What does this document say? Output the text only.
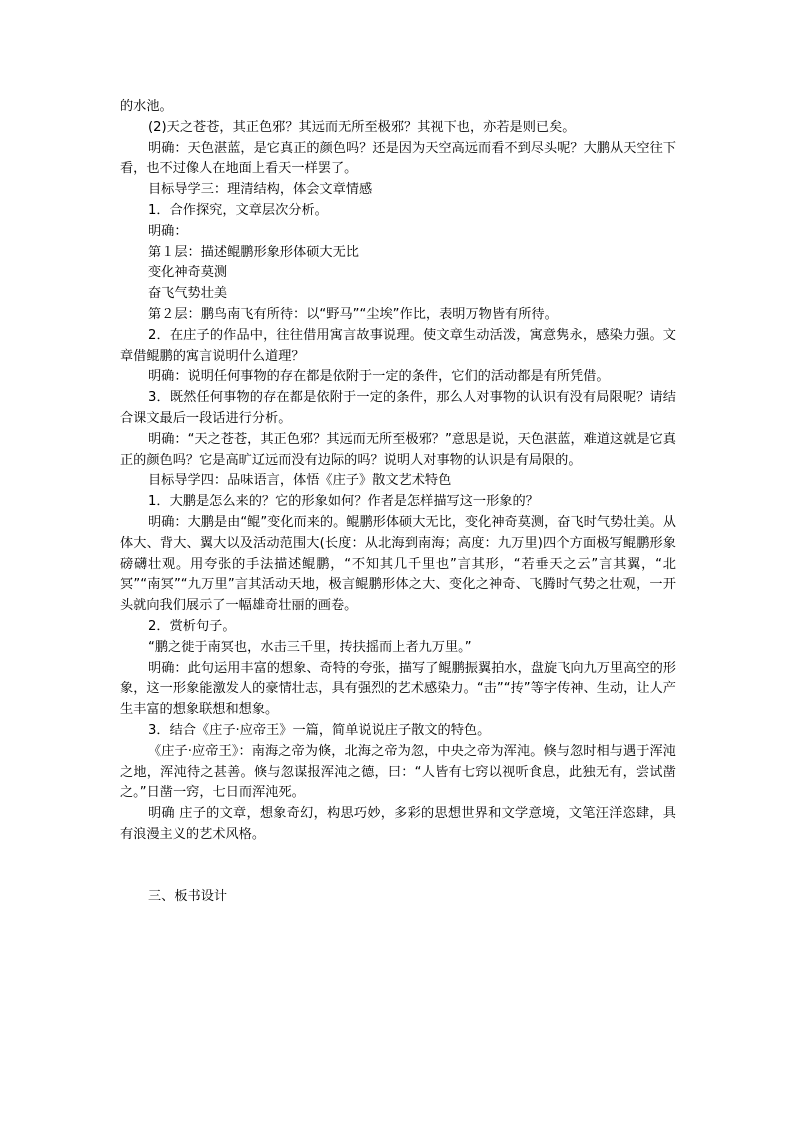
的水池。
(2)天之苍苍，其正色邪？其远而无所至极邪？其视下也，亦若是则已矣。
明确：天色湛蓝，是它真正的颜色吗？还是因为天空高远而看不到尽头呢？大鹏从天空往下看，也不过像人在地面上看天一样罢了。
目标导学三：理清结构，体会文章情感
1．合作探究，文章层次分析。
明确：
第１层：描述鲲鹏形象形体硕大无比
变化神奇莫测
奋飞气势壮美
第２层：鹏鸟南飞有所待：以“野马”“尘埃”作比，表明万物皆有所待。
2．在庄子的作品中，往往借用寓言故事说理。使文章生动活泼，寓意隽永，感染力强。文章借鲲鹏的寓言说明什么道理？
明确：说明任何事物的存在都是依附于一定的条件，它们的活动都是有所凭借。
3．既然任何事物的存在都是依附于一定的条件，那么人对事物的认识有没有局限呢？请结合课文最后一段话进行分析。
明确：“天之苍苍，其正色邪？其远而无所至极邪？”意思是说，天色湛蓝，难道这就是它真正的颜色吗？它是高旷辽远而没有边际的吗？说明人对事物的认识是有局限的。
目标导学四：品味语言，体悟《庄子》散文艺术特色
1．大鹏是怎么来的？它的形象如何？作者是怎样描写这一形象的？
明确：大鹏是由“鲲”变化而来的。鲲鹏形体硕大无比，变化神奇莫测，奋飞时气势壮美。从体大、背大、翼大以及活动范围大(长度：从北海到南海；高度：九万里)四个方面极写鲲鹏形象磅礴壮观。用夸张的手法描述鲲鹏，“不知其几千里也”言其形，“若垂天之云”言其翼，“北冥”“南冥”“九万里”言其活动天地，极言鲲鹏形体之大、变化之神奇、飞腾时气势之壮观，一开头就向我们展示了一幅雄奇壮丽的画卷。
2．赏析句子。
“鹏之徙于南冥也，水击三千里，抟扶摇而上者九万里。”
明确：此句运用丰富的想象、奇特的夸张，描写了鲲鹏振翼拍水，盘旋飞向九万里高空的形象，这一形象能激发人的豪情壮志，具有强烈的艺术感染力。“击”“抟”等字传神、生动，让人产生丰富的想象联想和想象。
3．结合《庄子·应帝王》一篇，简单说说庄子散文的特色。
《庄子·应帝王》：南海之帝为倏，北海之帝为忽，中央之帝为浑沌。倏与忽时相与遇于浑沌之地，浑沌待之甚善。倏与忽谋报浑沌之德，曰：“人皆有七窍以视听食息，此独无有，尝试凿之。”日凿一窍，七日而浑沌死。
明确 庄子的文章，想象奇幻，构思巧妙，多彩的思想世界和文学意境，文笔汪洋恣肆，具有浪漫主义的艺术风格。
三、板书设计
